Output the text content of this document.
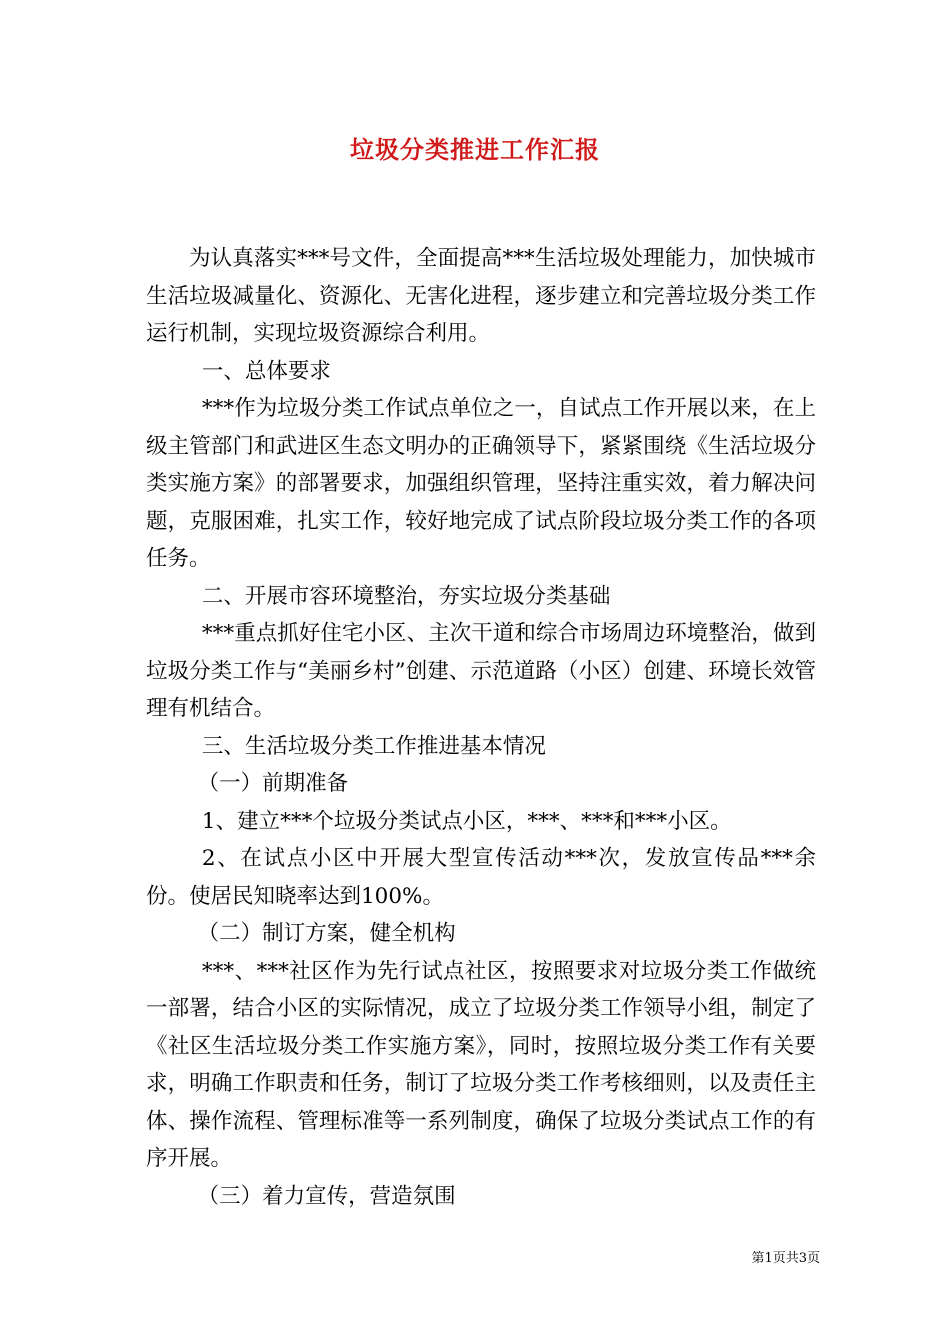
垃圾分类推进工作汇报

为认真落实***号文件，全面提高***生活垃圾处理能力，加快城市生活垃圾减量化、资源化、无害化进程，逐步建立和完善垃圾分类工作运行机制，实现垃圾资源综合利用。

一、总体要求

***作为垃圾分类工作试点单位之一，自试点工作开展以来，在上级主管部门和武进区生态文明办的正确领导下，紧紧围绕《生活垃圾分类实施方案》的部署要求，加强组织管理，坚持注重实效，着力解决问题，克服困难，扎实工作，较好地完成了试点阶段垃圾分类工作的各项任务。

二、开展市容环境整治，夯实垃圾分类基础

***重点抓好住宅小区、主次干道和综合市场周边环境整治，做到垃圾分类工作与“美丽乡村”创建、示范道路（小区）创建、环境长效管理有机结合。

三、生活垃圾分类工作推进基本情况

（一）前期准备

1、建立***个垃圾分类试点小区，***、***和***小区。

2、在试点小区中开展大型宣传活动***次，发放宣传品***余份。使居民知晓率达到100%。

（二）制订方案，健全机构

***、***社区作为先行试点社区，按照要求对垃圾分类工作做统一部署，结合小区的实际情况，成立了垃圾分类工作领导小组，制定了《社区生活垃圾分类工作实施方案》，同时，按照垃圾分类工作有关要求，明确工作职责和任务，制订了垃圾分类工作考核细则，以及责任主体、操作流程、管理标准等一系列制度，确保了垃圾分类试点工作的有序开展。

（三）着力宣传，营造氛围

第1页共3页
